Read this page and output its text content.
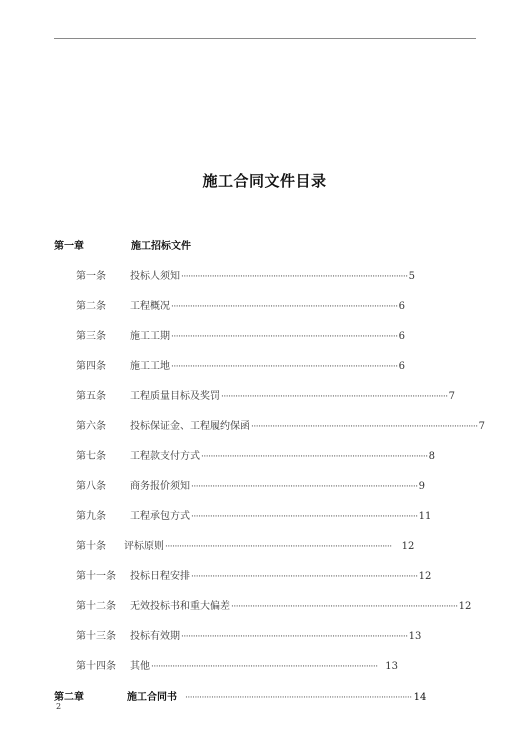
施工合同文件目录
第一章	施工招标文件
第一条 投标人须知 ································································································ 5
第二条 工程概况 ································································································ 6
第三条 施工工期 ································································································ 6
第四条 施工工地 ································································································ 6
第五条 工程质量目标及奖罚 ································································································ 7
第六条 投标保证金、工程履约保函 ································································································ 7
第七条 工程款支付方式 ································································································ 8
第八条 商务报价须知 ································································································ 9
第九条 工程承包方式 ································································································ 11
第十条 评标原则 ································································································ 12
第十一条 投标日程安排 ································································································ 12
第十二条 无效投标书和重大偏差 ································································································ 12
第十三条 投标有效期 ································································································ 13
第十四条 其他 ································································································ 13
第二章	施工合同书 ································································································ 14
2
